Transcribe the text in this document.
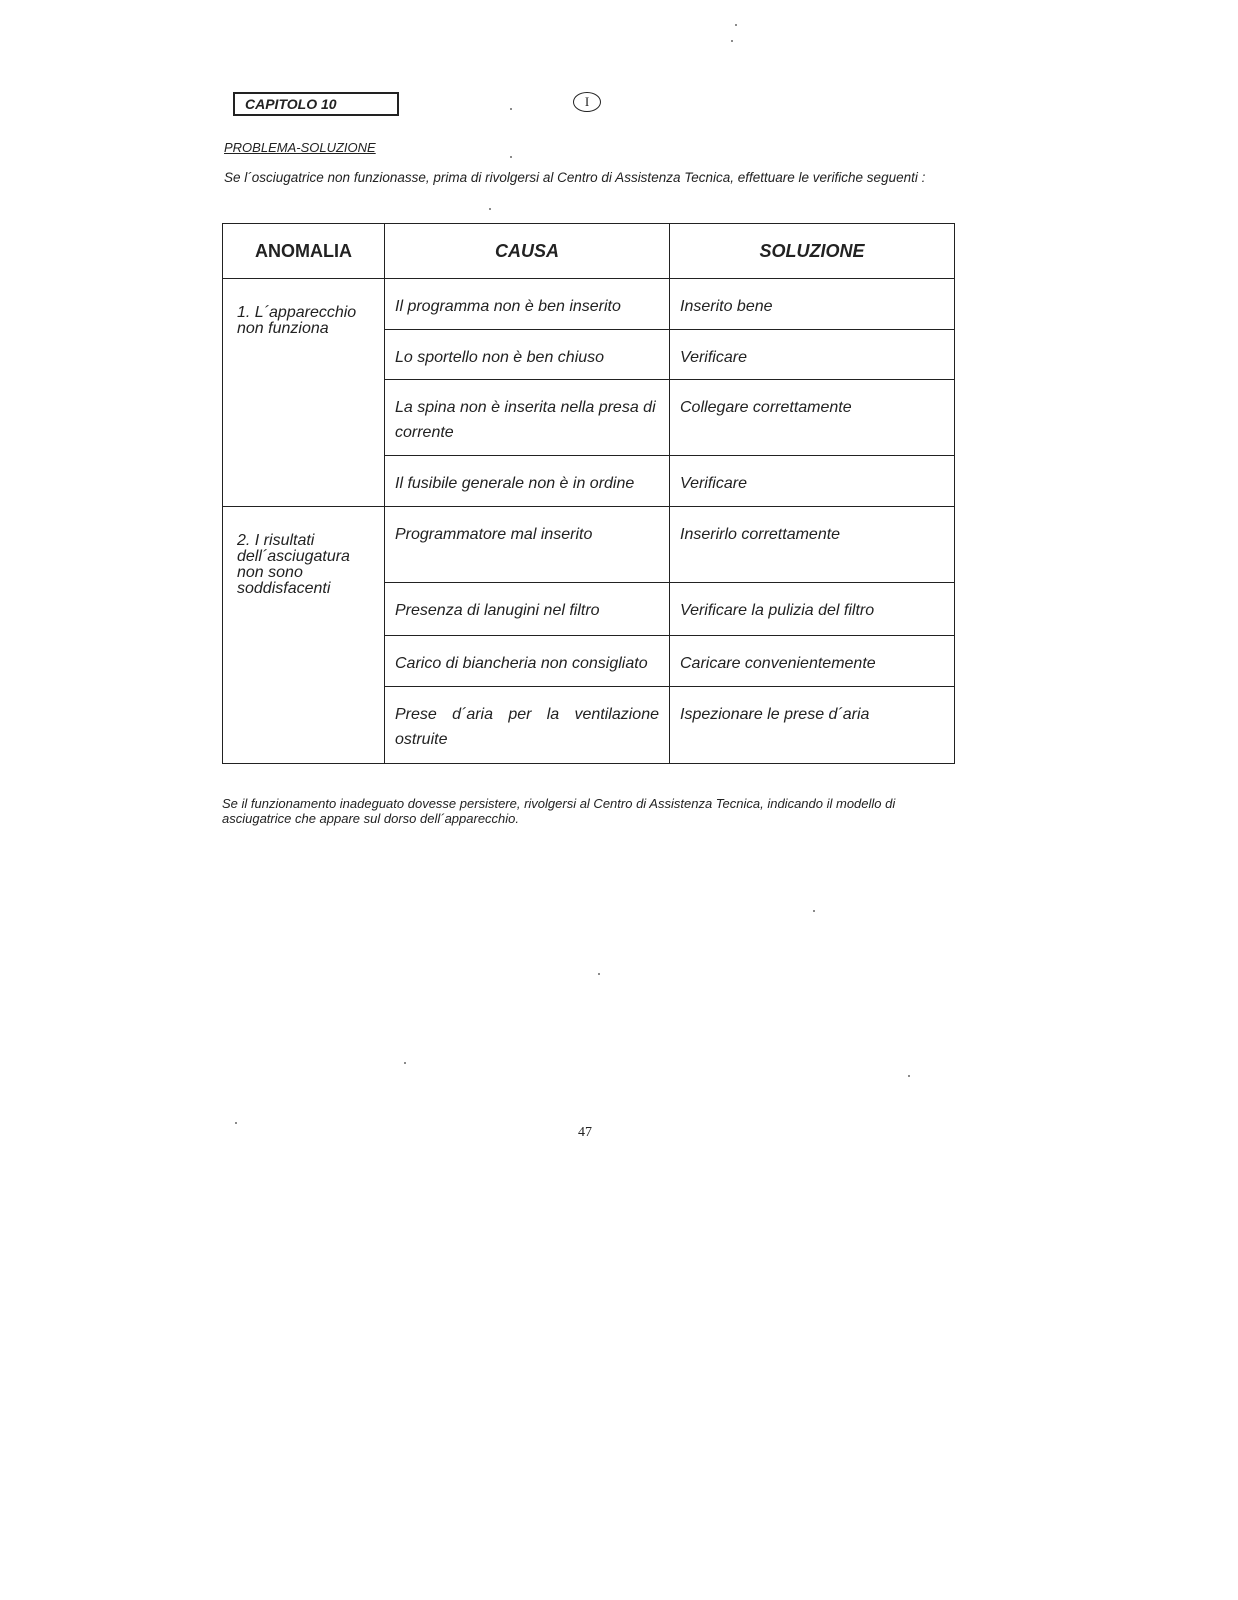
CAPITOLO 10	I
PROBLEMA-SOLUZIONE
Se l´osciugatrice non funzionasse, prima di rivolgersi al Centro di Assistenza Tecnica, effettuare le verifiche seguenti :
ANOMALIA	CAUSA	SOLUZIONE

1. L´apparecchio
non funziona	Il programma non è ben inserito	Inserito bene
	Lo sportello non è ben chiuso	Verificare
	La spina non è inserita nella presa di corrente	Collegare correttamente
	Il fusibile generale non è in ordine	Verificare

2. I risultati
dell´asciugatura
non sono
soddisfacenti	Programmatore mal inserito	Inserirlo correttamente
	Presenza di lanugini nel filtro	Verificare la pulizia del filtro
	Carico di biancheria non consigliato	Caricare convenientemente
	Prese d´aria per la ventilazione ostruite	Ispezionare le prese d´aria
Se il funzionamento inadeguato dovesse persistere, rivolgersi al Centro di Assistenza Tecnica, indicando il modello di asciugatrice che appare sul dorso dell´apparecchio.
47
